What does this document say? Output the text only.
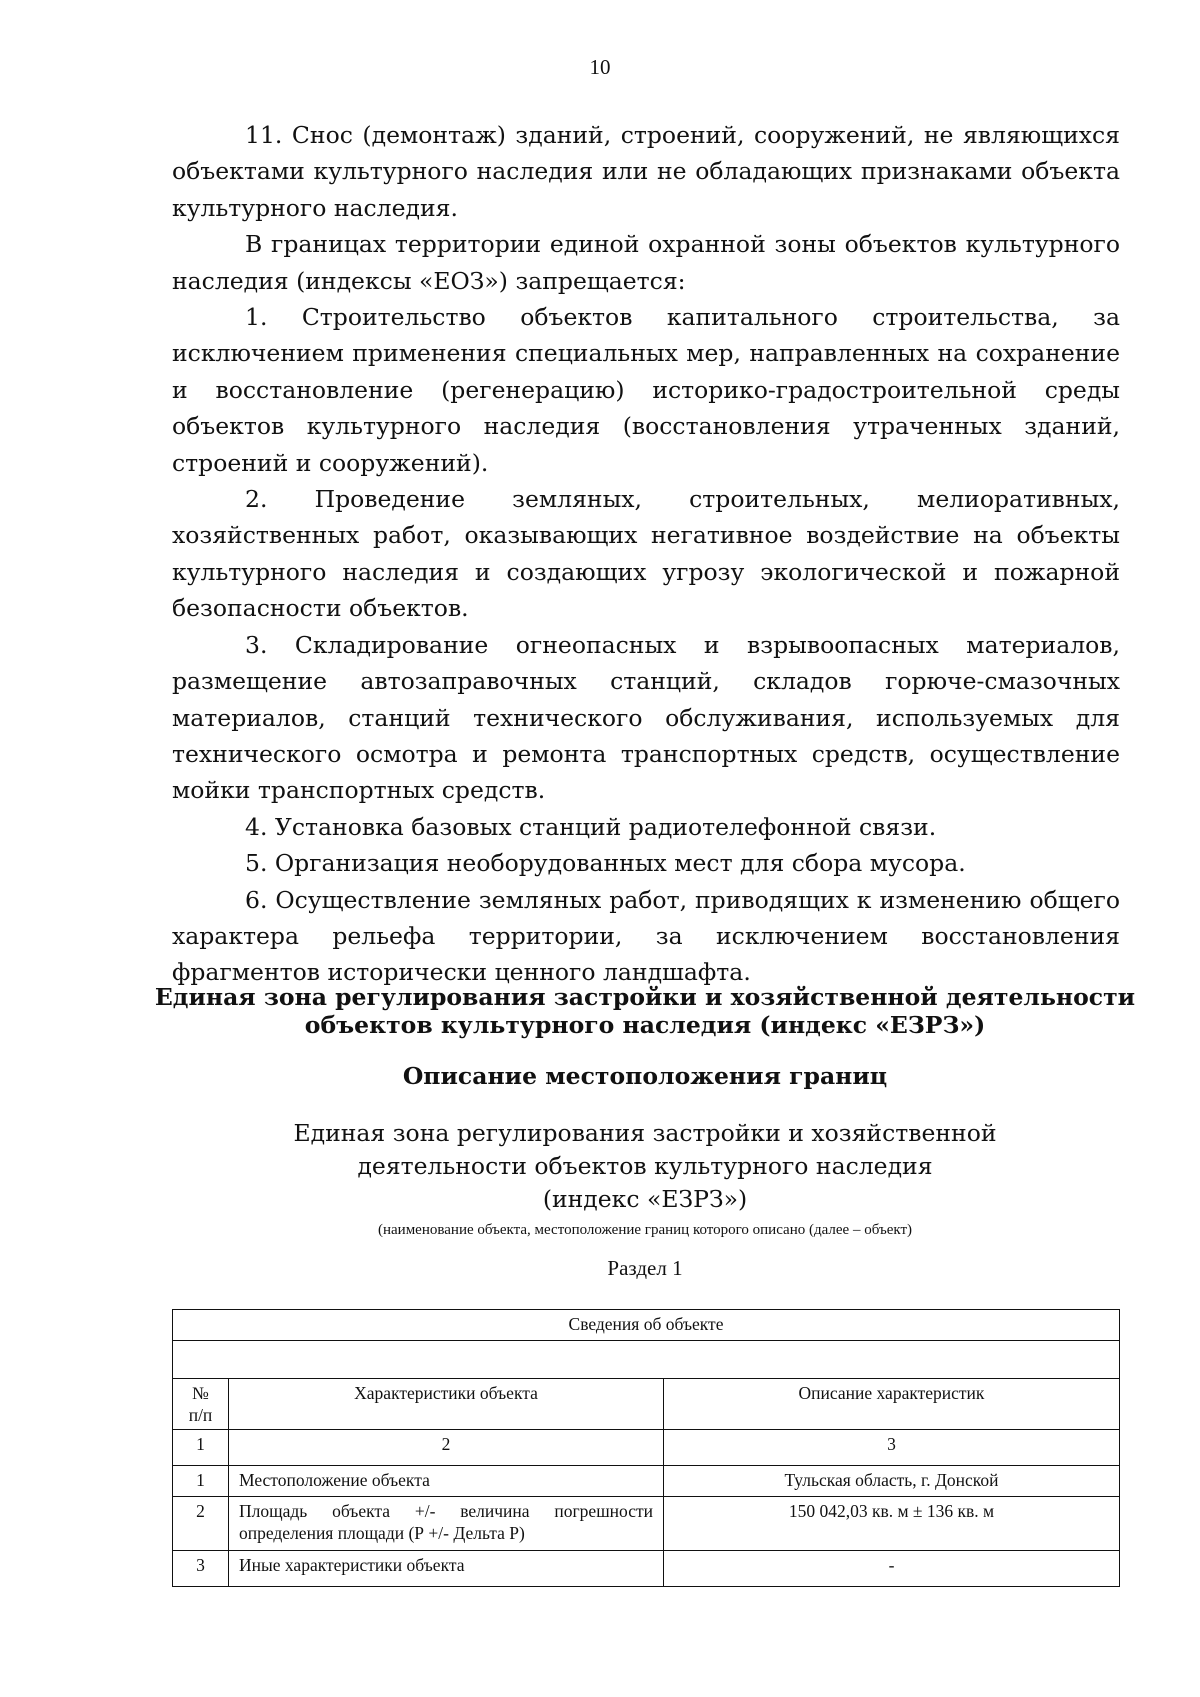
10

11. Снос (демонтаж) зданий, строений, сооружений, не являющихся объектами культурного наследия или не обладающих признаками объекта культурного наследия.

В границах территории единой охранной зоны объектов культурного наследия (индексы «ЕОЗ») запрещается:

1. Строительство объектов капитального строительства, за исключением применения специальных мер, направленных на сохранение и восстановление (регенерацию) историко-градостроительной среды объектов культурного наследия (восстановления утраченных зданий, строений и сооружений).

2. Проведение земляных, строительных, мелиоративных, хозяйственных работ, оказывающих негативное воздействие на объекты культурного наследия и создающих угрозу экологической и пожарной безопасности объектов.

3. Складирование огнеопасных и взрывоопасных материалов, размещение автозаправочных станций, складов горюче-смазочных материалов, станций технического обслуживания, используемых для технического осмотра и ремонта транспортных средств, осуществление мойки транспортных средств.

4. Установка базовых станций радиотелефонной связи.

5. Организация необорудованных мест для сбора мусора.

6. Осуществление земляных работ, приводящих к изменению общего характера рельефа территории, за исключением восстановления фрагментов исторически ценного ландшафта.

Единая зона регулирования застройки и хозяйственной деятельности
объектов культурного наследия (индекс «ЕЗРЗ»)
Описание местоположения границ
Единая зона регулирования застройки и хозяйственной
деятельности объектов культурного наследия
(индекс «ЕЗРЗ»)
(наименование объекта, местоположение границ которого описано (далее – объект)
Раздел 1
Сведения об объекте		

№
п/п	Характеристики объекта	Описание характеристик
1	2	3
1	Местоположение объекта	Тульская область, г. Донской
2	Площадь объекта +/- величина погрешности определения площади (Р +/- Дельта Р)	150 042,03 кв. м ± 136 кв. м
3	Иные характеристики объекта	-
